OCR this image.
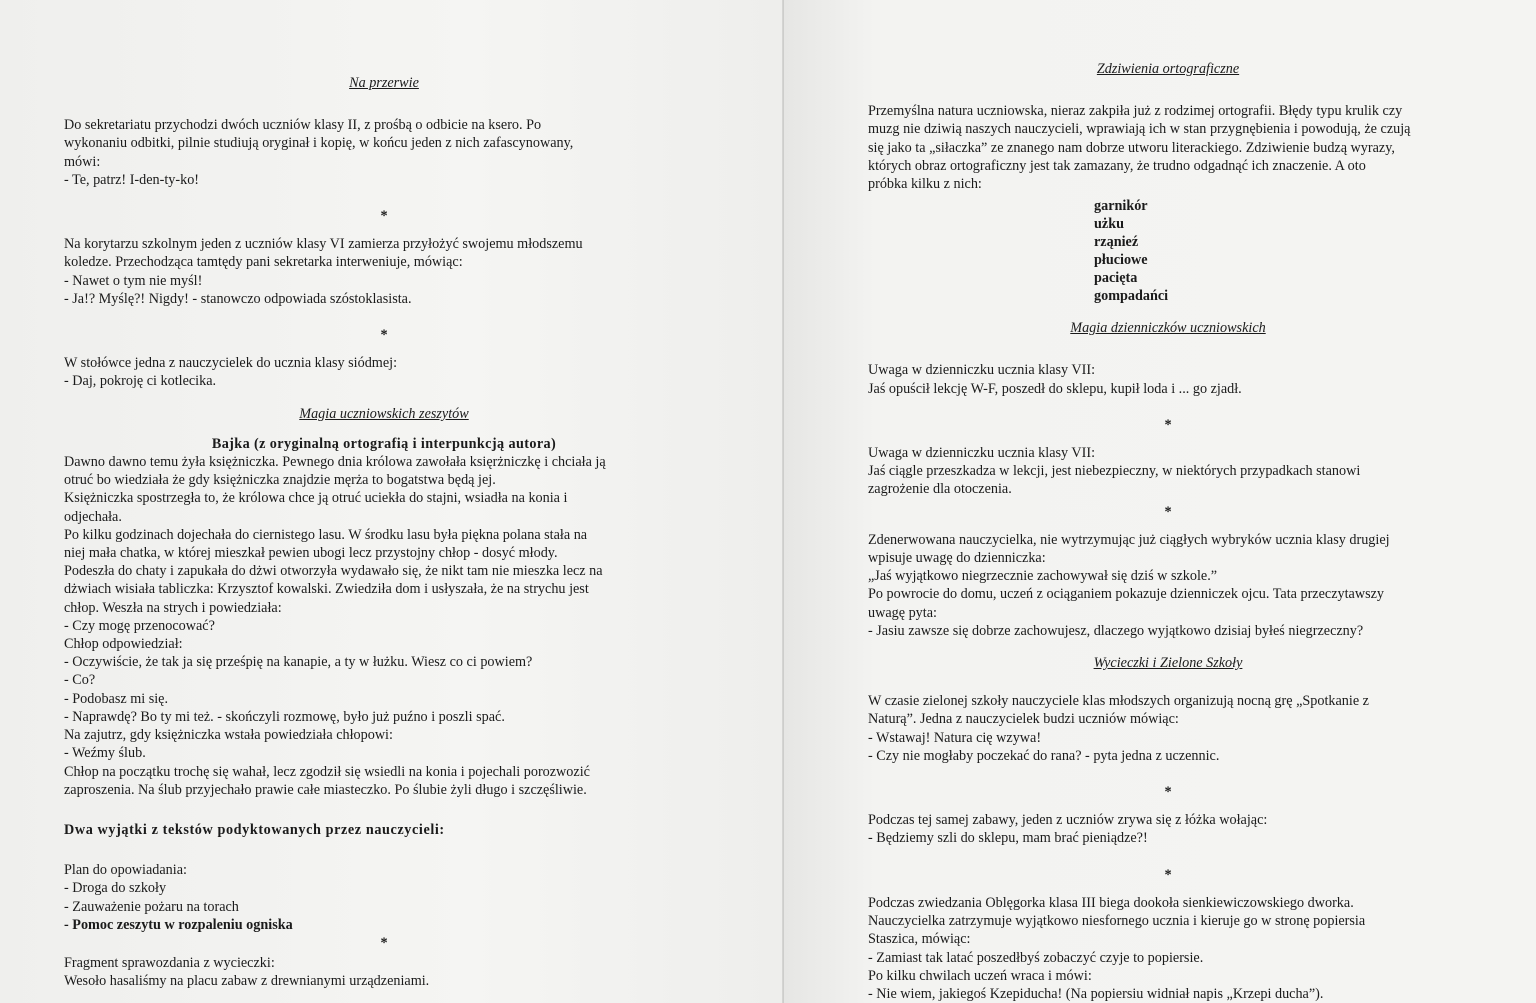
Na przerwie

Do sekretariatu przychodzi dwóch uczniów klasy II, z prośbą o odbicie na ksero. Po

wykonaniu odbitki, pilnie studiują oryginał i kopię, w końcu jeden z nich zafascynowany,

mówi:

- Te, patrz! I-den-ty-ko!

*

Na korytarzu szkolnym jeden z uczniów klasy VI zamierza przyłożyć swojemu młodszemu

koledze. Przechodząca tamtędy pani sekretarka interweniuje, mówiąc:

- Nawet o tym nie myśl!

- Ja!? Myślę?! Nigdy! - stanowczo odpowiada szóstoklasista.

*

W stołówce jedna z nauczycielek do ucznia klasy siódmej:

- Daj, pokroję ci kotlecika.

Magia uczniowskich zeszytów

Bajka (z oryginalną ortografią i interpunkcją autora)

Dawno dawno temu żyła księżniczka. Pewnego dnia królowa zawołała księrżniczkę i chciała ją

otruć bo wiedziała że gdy księżniczka znajdzie męrża to bogatstwa będą jej.

Księżniczka spostrzegła to, że królowa chce ją otruć uciekła do stajni, wsiadła na konia i

odjechała.

Po kilku godzinach dojechała do ciernistego lasu. W środku lasu była piękna polana stała na

niej mała chatka, w której mieszkał pewien ubogi lecz przystojny chłop - dosyć młody.

Podeszła do chaty i zapukała do dżwi otworzyła wydawało się, że nikt tam nie mieszka lecz na

dżwiach wisiała tabliczka: Krzysztof kowalski. Zwiedziła dom i usłyszała, że na strychu jest

chłop. Weszła na strych i powiedziała:

- Czy mogę przenocować?

Chłop odpowiedział:

- Oczywiście, że tak ja się prześpię na kanapie, a ty w łużku. Wiesz co ci powiem?

- Co?

- Podobasz mi się.

- Naprawdę? Bo ty mi też. - skończyli rozmowę, było już puźno i poszli spać.

Na zajutrz, gdy księżniczka wstała powiedziała chłopowi:

- Weźmy ślub.

Chłop na początku trochę się wahał, lecz zgodził się wsiedli na konia i pojechali porozwozić

zaproszenia. Na ślub przyjechało prawie całe miasteczko. Po ślubie żyli długo i szczęśliwie.

Dwa wyjątki z tekstów podyktowanych przez nauczycieli:

Plan do opowiadania:

- Droga do szkoły

- Zauważenie pożaru na torach

- Pomoc zeszytu w rozpaleniu ogniska

*

Fragment sprawozdania z wycieczki:

Wesoło hasaliśmy na placu zabaw z drewnianymi urządzeniami.

Zdziwienia ortograficzne

Przemyślna natura uczniowska, nieraz zakpiła już z rodzimej ortografii. Błędy typu krulik czy

muzg nie dziwią naszych nauczycieli, wprawiają ich w stan przygnębienia i powodują, że czują

się jako ta „siłaczka” ze znanego nam dobrze utworu literackiego. Zdziwienie budzą wyrazy,

których obraz ortograficzny jest tak zamazany, że trudno odgadnąć ich znaczenie. A oto

próbka kilku z nich:

garnikór
użku
rząnieź
płuciowe
pacięta
gompadańci

Magia dzienniczków uczniowskich

Uwaga w dzienniczku ucznia klasy VII:

Jaś opuścił lekcję W-F, poszedł do sklepu, kupił loda i ... go zjadł.

*

Uwaga w dzienniczku ucznia klasy VII:

Jaś ciągle przeszkadza w lekcji, jest niebezpieczny, w niektórych przypadkach stanowi

zagrożenie dla otoczenia.

*

Zdenerwowana nauczycielka, nie wytrzymując już ciągłych wybryków ucznia klasy drugiej

wpisuje uwagę do dzienniczka:

„Jaś wyjątkowo niegrzecznie zachowywał się dziś w szkole.”

Po powrocie do domu, uczeń z ociąganiem pokazuje dzienniczek ojcu. Tata przeczytawszy

uwagę pyta:

- Jasiu zawsze się dobrze zachowujesz, dlaczego wyjątkowo dzisiaj byłeś niegrzeczny?

Wycieczki i Zielone Szkoły

W czasie zielonej szkoły nauczyciele klas młodszych organizują nocną grę „Spotkanie z

Naturą”. Jedna z nauczycielek budzi uczniów mówiąc:

- Wstawaj! Natura cię wzywa!

- Czy nie mogłaby poczekać do rana? - pyta jedna z uczennic.

*

Podczas tej samej zabawy, jeden z uczniów zrywa się z łóżka wołając:

- Będziemy szli do sklepu, mam brać pieniądze?!

*

Podczas zwiedzania Oblęgorka klasa III biega dookoła sienkiewiczowskiego dworka.

Nauczycielka zatrzymuje wyjątkowo niesfornego ucznia i kieruje go w stronę popiersia

Staszica, mówiąc:

- Zamiast tak latać poszedłbyś zobaczyć czyje to popiersie.

Po kilku chwilach uczeń wraca i mówi:

- Nie wiem, jakiegoś Kzepiducha! (Na popiersiu widniał napis „Krzepi ducha”).
